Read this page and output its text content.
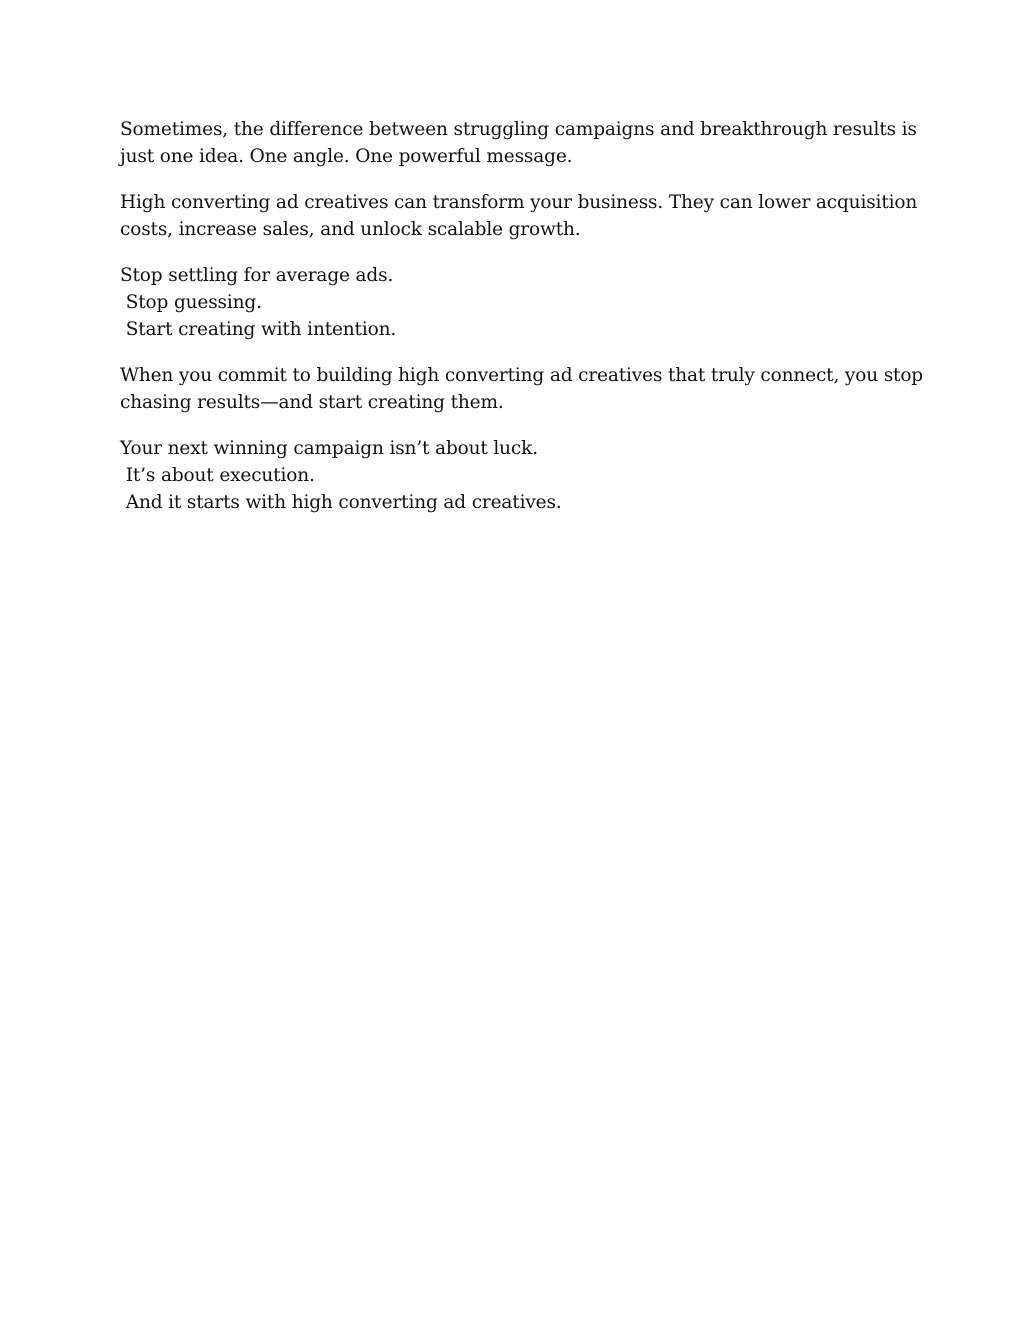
Sometimes, the difference between struggling campaigns and breakthrough results is
just one idea. One angle. One powerful message.

High converting ad creatives can transform your business. They can lower acquisition
costs, increase sales, and unlock scalable growth.

Stop settling for average ads.
Stop guessing.
Start creating with intention.

When you commit to building high converting ad creatives that truly connect, you stop
chasing results—and start creating them.

Your next winning campaign isn’t about luck.
It’s about execution.
And it starts with high converting ad creatives.
